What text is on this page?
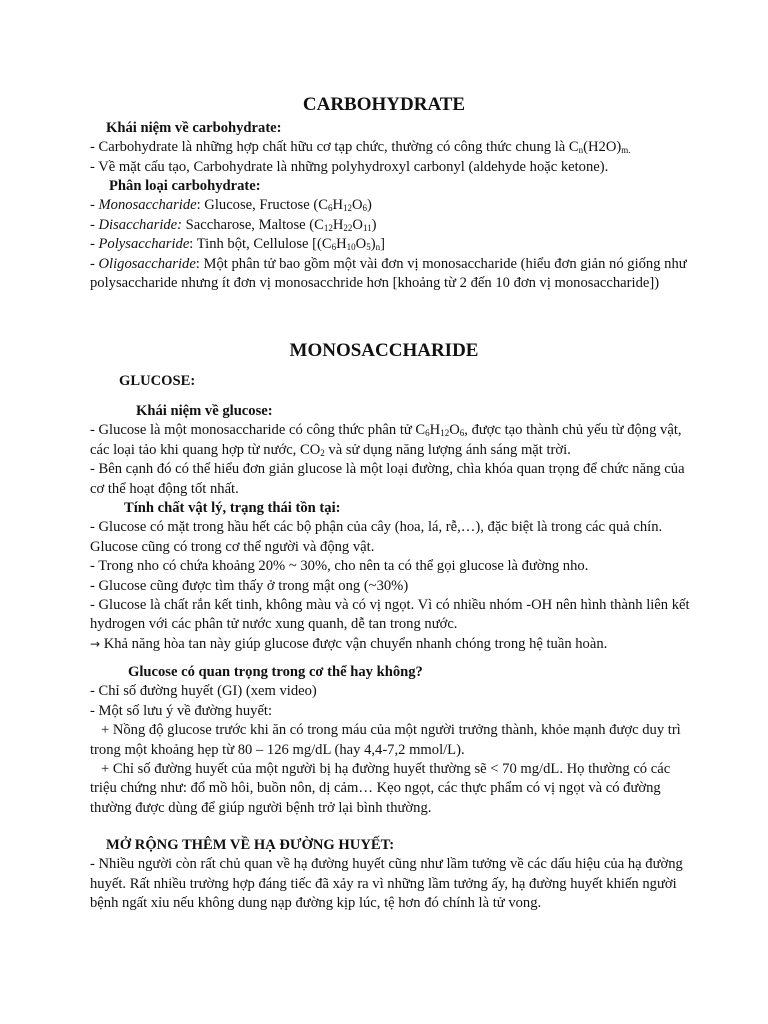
CARBOHYDRATE
Khái niệm về carbohydrate:
- Carbohydrate là những hợp chất hữu cơ tạp chức, thường có công thức chung là $C_n(H2O)_{m.}$
- Về mặt cấu tạo, Carbohydrate là những polyhydroxyl carbonyl (aldehyde hoặc ketone).
Phân loại carbohydrate:
- Monosaccharide: Glucose, Fructose $(C_6H_{12}O_6)$
- Disaccharide: Saccharose, Maltose $(C_{12}H_{22}O_{11})$
- Polysaccharide: Tinh bột, Cellulose $[(C_6H_{10}O_5)_n]$
- Oligosaccharide: Một phân tử bao gồm một vài đơn vị monosaccharide (hiểu đơn giản nó giống như polysaccharide nhưng ít đơn vị monosacchride hơn [khoảng từ 2 đến 10 đơn vị monosaccharide])
MONOSACCHARIDE
GLUCOSE:
Khái niệm về glucose:
- Glucose là một monosaccharide có công thức phân tử $C_6H_{12}O_6$, được tạo thành chủ yếu từ động vật, các loại tảo khi quang hợp từ nước, $CO_2$ và sử dụng năng lượng ánh sáng mặt trời.
- Bên cạnh đó có thể hiểu đơn giản glucose là một loại đường, chìa khóa quan trọng để chức năng của cơ thể hoạt động tốt nhất.
Tính chất vật lý, trạng thái tồn tại:
- Glucose có mặt trong hầu hết các bộ phận của cây (hoa, lá, rễ,…), đặc biệt là trong các quả chín. Glucose cũng có trong cơ thể người và động vật.
- Trong nho có chứa khoảng 20% ~ 30%, cho nên ta có thể gọi glucose là đường nho.
- Glucose cũng được tìm thấy ở trong mật ong (~30%)
- Glucose là chất rắn kết tinh, không màu và có vị ngọt. Vì có nhiều nhóm -OH nên hình thành liên kết hydrogen với các phân tử nước xung quanh, dễ tan trong nước.
→ Khả năng hòa tan này giúp glucose được vận chuyển nhanh chóng trong hệ tuần hoàn.
Glucose có quan trọng trong cơ thể hay không?
- Chỉ số đường huyết (GI) (xem video)
- Một số lưu ý về đường huyết:
+ Nồng độ glucose trước khi ăn có trong máu của một người trưởng thành, khỏe mạnh được duy trì trong một khoảng hẹp từ 80 – 126 mg/dL (hay 4,4-7,2 mmol/L).
+ Chỉ số đường huyết của một người bị hạ đường huyết thường sẽ < 70 mg/dL. Họ thường có các triệu chứng như: đổ mồ hôi, buồn nôn, dị cảm… Kẹo ngọt, các thực phẩm có vị ngọt và có đường thường được dùng để giúp người bệnh trở lại bình thường.
MỞ RỘNG THÊM VỀ HẠ ĐƯỜNG HUYẾT:
- Nhiều người còn rất chủ quan về hạ đường huyết cũng như lầm tưởng về các dấu hiệu của hạ đường huyết. Rất nhiều trường hợp đáng tiếc đã xảy ra vì những lầm tưởng ấy, hạ đường huyết khiến người bệnh ngất xỉu nếu không dung nạp đường kịp lúc, tệ hơn đó chính là tử vong.
